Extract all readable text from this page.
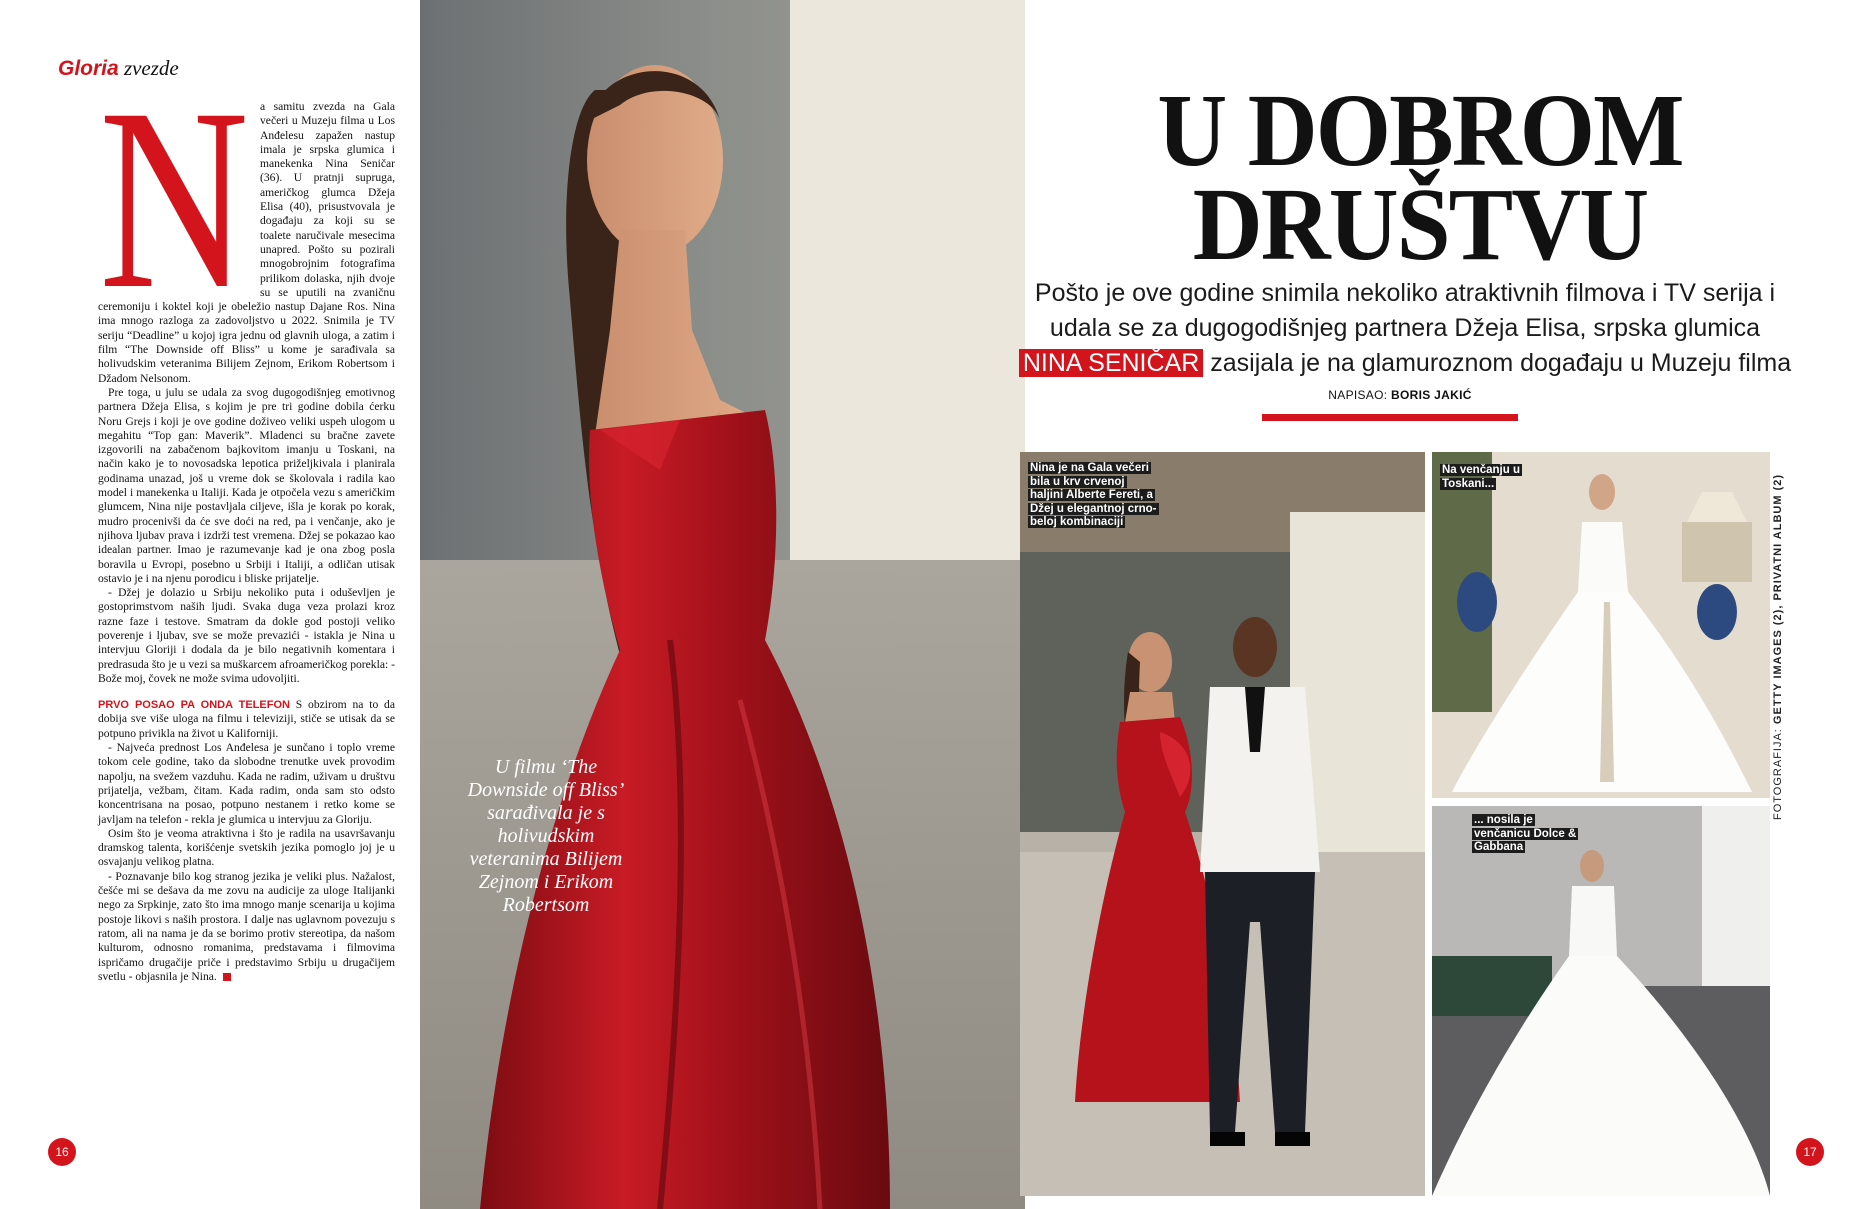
Gloria zvezde
N a samitu zvezda na Gala večeri u Muzeju filma u Los Anđelesu zapažen nastup imala je srpska glumica i manekenka Nina Seničar (36). U pratnji supruga, američkog glumca Džeja Elisa (40), prisustvovala je događaju za koji su se toalete naručivale mesecima unapred. Pošto su pozirali mnogobrojnim fotografima prilikom dolaska, njih dvoje su se uputili na zvaničnu ceremoniju i koktel koji je obeležio nastup Dajane Ros. Nina ima mnogo razloga za zadovoljstvo u 2022. Snimila je TV seriju “Deadline” u kojoj igra jednu od glavnih uloga, a zatim i film “The Downside off Bliss” u kome je sarađivala sa holivudskim veteranima Bilijem Zejnom, Erikom Robertsom i Džadom Nelsonom.

Pre toga, u julu se udala za svog dugogodišnjeg emotivnog partnera Džeja Elisa, s kojim je pre tri godine dobila ćerku Noru Grejs i koji je ove godine doživeo veliki uspeh ulogom u megahitu “Top gan: Maverik”. Mladenci su bračne zavete izgovorili na zabačenom bajkovitom imanju u Toskani, na način kako je to novosadska lepotica priželjkivala i planirala godinama unazad, još u vreme dok se školovala i radila kao model i manekenka u Italiji. Kada je otpočela vezu s američkim glumcem, Nina nije postavljala ciljeve, išla je korak po korak, mudro procenivši da će sve doći na red, pa i venčanje, ako je njihova ljubav prava i izdrži test vremena. Džej se pokazao kao idealan partner. Imao je razumevanje kad je ona zbog posla boravila u Evropi, posebno u Srbiji i Italiji, a odličan utisak ostavio je i na njenu porodicu i bliske prijatelje.

- Džej je dolazio u Srbiju nekoliko puta i oduševljen je gostoprimstvom naših ljudi. Svaka duga veza prolazi kroz razne faze i testove. Smatram da dokle god postoji veliko poverenje i ljubav, sve se može prevazići - istakla je Nina u intervjuu Gloriji i dodala da je bilo negativnih komentara i predrasuda što je u vezi sa muškarcem afroameričkog porekla: - Bože moj, čovek ne može svima udovoljiti.

PRVO POSAO PA ONDA TELEFON S obzirom na to da dobija sve više uloga na filmu i televiziji, stiče se utisak da se potpuno privikla na život u Kaliforniji.

- Najveća prednost Los Anđelesa je sunčano i toplo vreme tokom cele godine, tako da slobodne trenutke uvek provodim napolju, na svežem vazduhu. Kada ne radim, uživam u društvu prijatelja, vežbam, čitam. Kada radim, onda sam sto odsto koncentrisana na posao, potpuno nestanem i retko kome se javljam na telefon - rekla je glumica u intervjuu za Gloriju.

Osim što je veoma atraktivna i što je radila na usavršavanju dramskog talenta, korišćenje svetskih jezika pomoglo joj je u osvajanju velikog platna.

- Poznavanje bilo kog stranog jezika je veliki plus. Nažalost, češće mi se dešava da me zovu na audicije za uloge Italijanki nego za Srpkinje, zato što ima mnogo manje scenarija u kojima postoje likovi s naših prostora. I dalje nas uglavnom povezuju s ratom, ali na nama je da se borimo protiv stereotipa, da našom kulturom, odnosno romanima, predstavama i filmovima ispričamo drugačije priče i predstavimo Srbiju u drugačijem svetlu - objasnila je Nina.

16
U filmu ‘The Downside off Bliss’ sarađivala je s holivudskim veteranima Bilijem Zejnom i Erikom Robertsom
U DOBROM
DRUŠTVU
Pošto je ove godine snimila nekoliko atraktivnih filmova i TV serija i udala se za dugogodišnjeg partnera Džeja Elisa, srpska glumica NINA SENIČAR zasijala je na glamuroznom događaju u Muzeju filma
NAPISAO: BORIS JAKIĆ
Nina je na Gala večeri bila u krv crvenoj haljini Alberte Fereti, a Džej u elegantnoj crno-beloj kombinaciji
Na venčanju u Toskani...
... nosila je venčanicu Dolce & Gabbana
FOTOGRAFIJA: GETTY IMAGES (2), PRIVATNI ALBUM (2)
17
